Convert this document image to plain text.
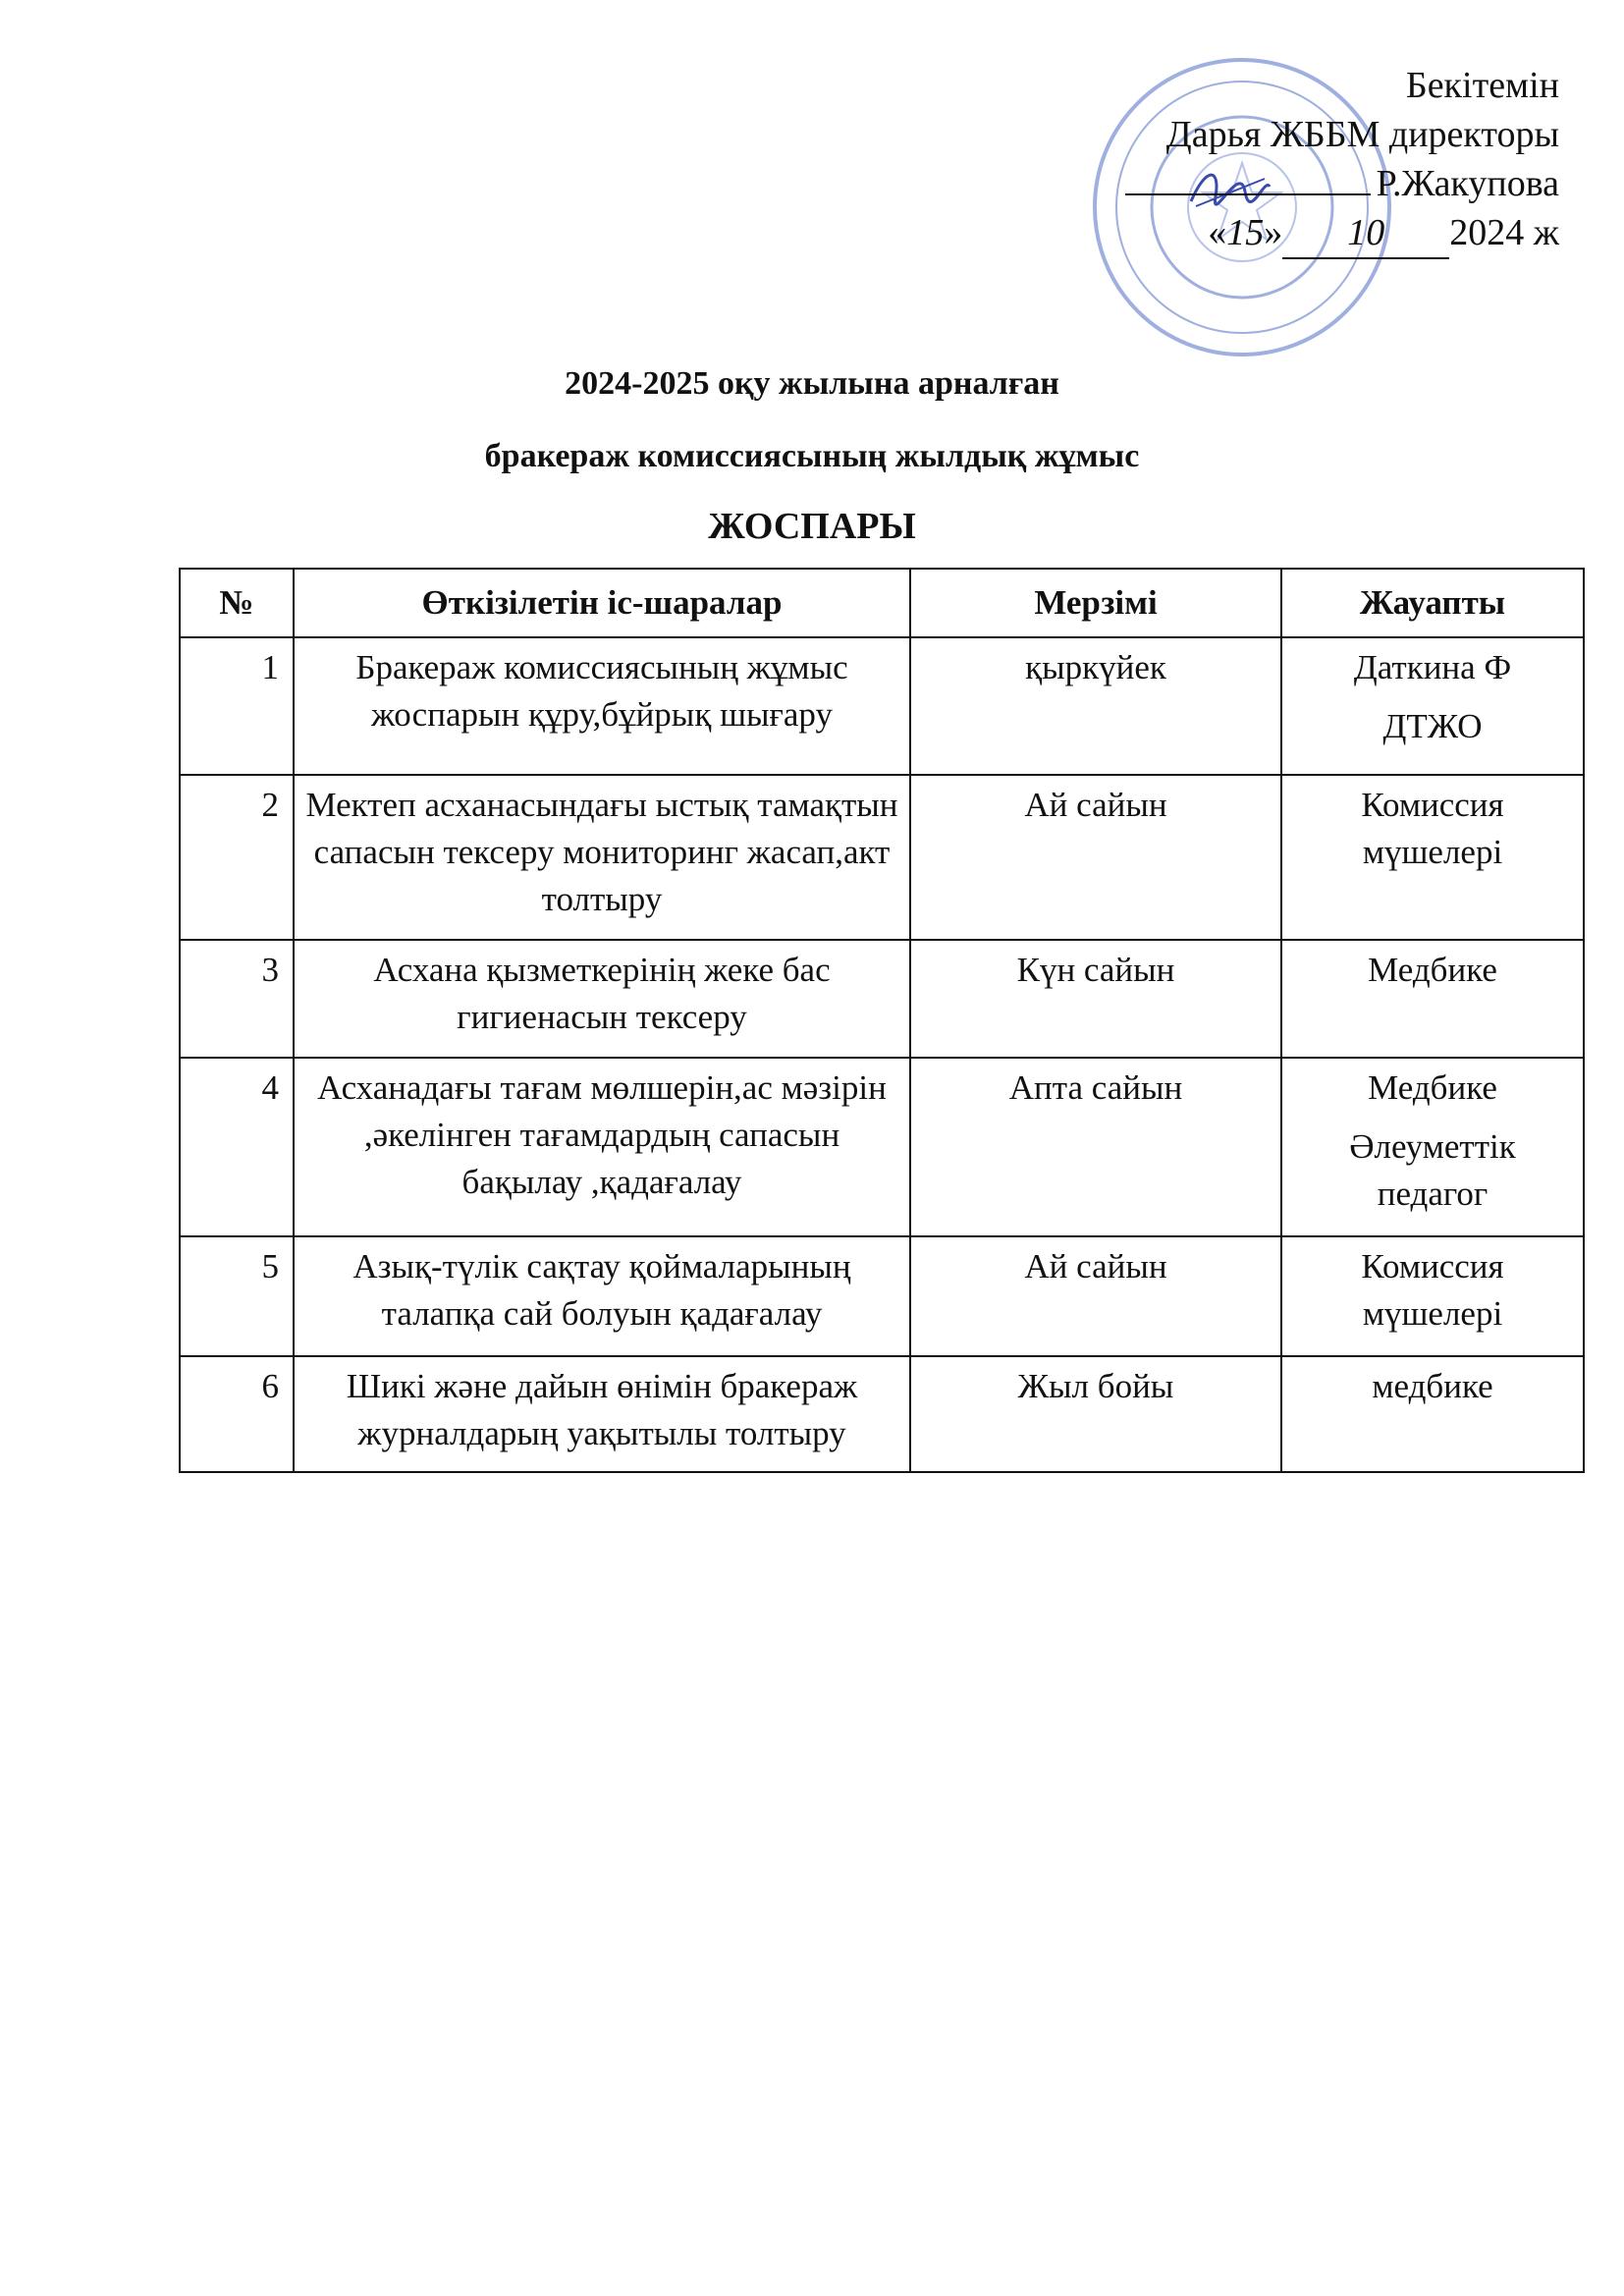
Бекітемін
Дарья ЖББМ директоры
Р.Жакупова
«15» 10 2024 ж
2024-2025 оқу жылына арналған
бракераж комиссиясының жылдық жұмыс
ЖОСПАРЫ
№	Өткізілетін іс-шаралар	Мерзімі	Жауапты
1	Бракераж комиссиясының жұмыс жоспарын құру,бұйрық шығару	қыркүйек	Даткина Ф
ДТЖО

2	Мектеп асханасындағы ыстық тамақтын сапасын тексеру мониторинг жасап,акт толтыру	Ай сайын	Комиссия мүшелері

3	Асхана қызметкерінің жеке бас гигиенасын тексеру	Күн сайын	Медбике

4	Асханадағы тағам мөлшерін,ас мәзірін ,әкелінген тағамдардың сапасын бақылау ,қадағалау	Апта сайын	Медбике
Әлеуметтік педагог

5	Азық-түлік сақтау қоймаларының талапқа сай болуын қадағалау	Ай сайын	Комиссия мүшелері

6	Шикі және дайын өнімін бракераж журналдарың уақытылы толтыру	Жыл бойы	медбике
